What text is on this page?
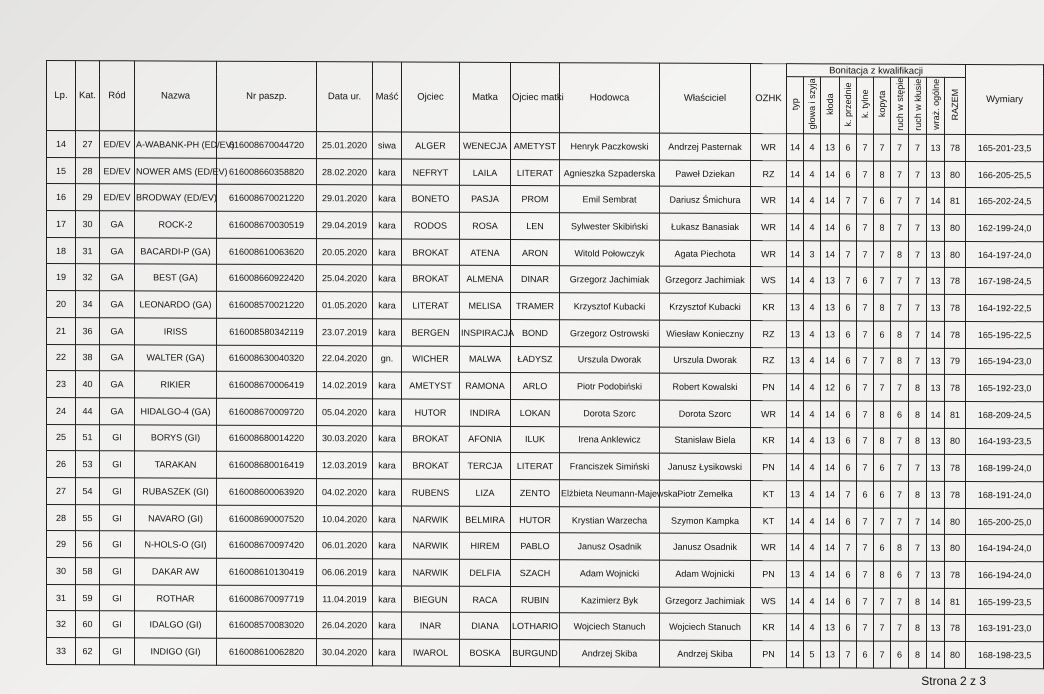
Lp.	Kat.	Ród	Nazwa	Nr paszp.	Data ur.	Maść	Ojciec	Matka	Ojciec matki	Hodowca	Właściciel	OZHK	Bonitacja z kwalifikacji										Wymiary
													typ	głowa i szyja	kłoda	k. przednie	k. tylne	kopyta	ruch w stępie	ruch w kłusie	wraż. ogólne	RAZEM	
14	27	ED/EV	A-WABANK-PH (ED/EV)	616008670044720	25.01.2020	siwa	ALGER	WENECJA	AMETYST	Henryk Paczkowski	Andrzej Pasternak	WR	14	4	13	6	7	7	7	7	13	78	165-201-23,5
15	28	ED/EV	NOWER AMS (ED/EV)	616008660358820	28.02.2020	kara	NEFRYT	LAILA	LITERAT	Agnieszka Szpaderska	Paweł Dziekan	RZ	14	4	14	6	7	8	7	7	13	80	166-205-25,5
16	29	ED/EV	BRODWAY (ED/EV)	616008670021220	29.01.2020	kara	BONETO	PASJA	PROM	Emil Sembrat	Dariusz Śmichura	WR	14	4	14	7	7	6	7	7	14	81	165-202-24,5
17	30	GA	ROCK-2	616008670030519	29.04.2019	kara	RODOS	ROSA	LEN	Sylwester Skibiński	Łukasz Banasiak	WR	14	4	14	6	7	8	7	7	13	80	162-199-24,0
18	31	GA	BACARDI-P (GA)	616008610063620	20.05.2020	kara	BROKAT	ATENA	ARON	Witold Połowczyk	Agata Piechota	WR	14	3	14	7	7	7	8	7	13	80	164-197-24,0
19	32	GA	BEST (GA)	616008660922420	25.04.2020	kara	BROKAT	ALMENA	DINAR	Grzegorz Jachimiak	Grzegorz Jachimiak	WS	14	4	13	7	6	7	7	7	13	78	167-198-24,5
20	34	GA	LEONARDO (GA)	616008570021220	01.05.2020	kara	LITERAT	MELISA	TRAMER	Krzysztof Kubacki	Krzysztof Kubacki	KR	13	4	13	6	7	8	7	7	13	78	164-192-22,5
21	36	GA	IRISS	616008580342119	23.07.2019	kara	BERGEN	INSPIRACJA	BOND	Grzegorz Ostrowski	Wiesław Konieczny	RZ	13	4	13	6	7	6	8	7	14	78	165-195-22,5
22	38	GA	WALTER (GA)	616008630040320	22.04.2020	gn.	WICHER	MALWA	ŁADYSZ	Urszula Dworak	Urszula Dworak	RZ	13	4	14	6	7	7	8	7	13	79	165-194-23,0
23	40	GA	RIKIER	616008670006419	14.02.2019	kara	AMETYST	RAMONA	ARLO	Piotr Podobiński	Robert Kowalski	PN	14	4	12	6	7	7	7	8	13	78	165-192-23,0
24	44	GA	HIDALGO-4 (GA)	616008670009720	05.04.2020	kara	HUTOR	INDIRA	LOKAN	Dorota Szorc	Dorota Szorc	WR	14	4	14	6	7	8	6	8	14	81	168-209-24,5
25	51	GI	BORYS (GI)	616008680014220	30.03.2020	kara	BROKAT	AFONIA	ILUK	Irena Anklewicz	Stanisław Biela	KR	14	4	13	6	7	8	7	8	13	80	164-193-23,5
26	53	GI	TARAKAN	616008680016419	12.03.2019	kara	BROKAT	TERCJA	LITERAT	Franciszek Simiński	Janusz Łysikowski	PN	14	4	14	6	7	6	7	7	13	78	168-199-24,0
27	54	GI	RUBASZEK (GI)	616008600063920	04.02.2020	kara	RUBENS	LIZA	ZENTO	Elżbieta Neumann-Majewska	Piotr Zemełka	KT	13	4	14	7	6	6	7	8	13	78	168-191-24,0
28	55	GI	NAVARO (GI)	616008690007520	10.04.2020	kara	NARWIK	BELMIRA	HUTOR	Krystian Warzecha	Szymon Kampka	KT	14	4	14	6	7	7	7	7	14	80	165-200-25,0
29	56	GI	N-HOLS-O (GI)	616008670097420	06.01.2020	kara	NARWIK	HIREM	PABLO	Janusz Osadnik	Janusz Osadnik	WR	14	4	14	7	7	6	8	7	13	80	164-194-24,0
30	58	GI	DAKAR AW	616008610130419	06.06.2019	kara	NARWIK	DELFIA	SZACH	Adam Wojnicki	Adam Wojnicki	PN	13	4	14	6	7	8	6	7	13	78	166-194-24,0
31	59	GI	ROTHAR	616008670097719	11.04.2019	kara	BIEGUN	RACA	RUBIN	Kazimierz Byk	Grzegorz Jachimiak	WS	14	4	14	6	7	7	7	8	14	81	165-199-23,5
32	60	GI	IDALGO (GI)	616008570083020	26.04.2020	kara	INAR	DIANA	LOTHARIO	Wojciech Stanuch	Wojciech Stanuch	KR	14	4	13	6	7	7	7	8	13	78	163-191-23,0
33	62	GI	INDIGO (GI)	616008610062820	30.04.2020	kara	IWAROL	BOSKA	BURGUND	Andrzej Skiba	Andrzej Skiba	PN	14	5	13	7	6	7	6	8	14	80	168-198-23,5
Strona 2 z 3
